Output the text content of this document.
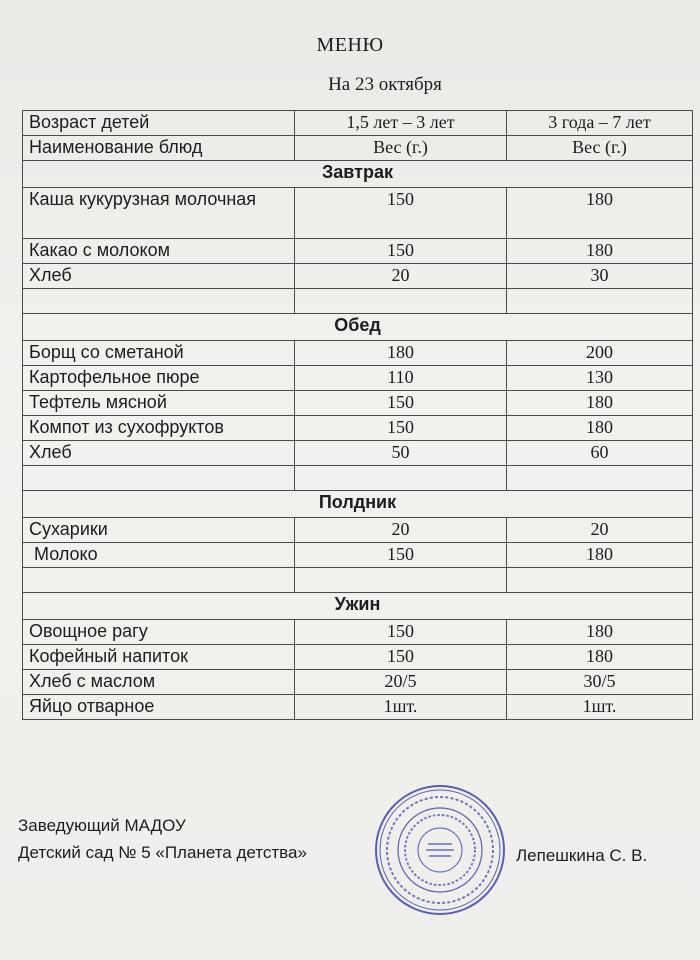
МЕНЮ
На 23 октября
Возраст детей	1,5 лет – 3 лет	3 года – 7 лет
Наименование блюд	Вес (г.)	Вес (г.)
Завтрак		
Каша кукурузная молочная	150	180
Какао с молоком	150	180
Хлеб	20	30

Обед		
Борщ со сметаной	180	200
Картофельное пюре	110	130
Тефтель мясной	150	180
Компот из сухофруктов	150	180
Хлеб	50	60

Полдник		
Сухарики	20	20
Молоко	150	180

Ужин		
Овощное рагу	150	180
Кофейный напиток	150	180
Хлеб с маслом	20/5	30/5
Яйцо отварное	1шт.	1шт.
Заведующий МАДОУ
Детский сад № 5 «Планета детства»	Лепешкина С. В.
